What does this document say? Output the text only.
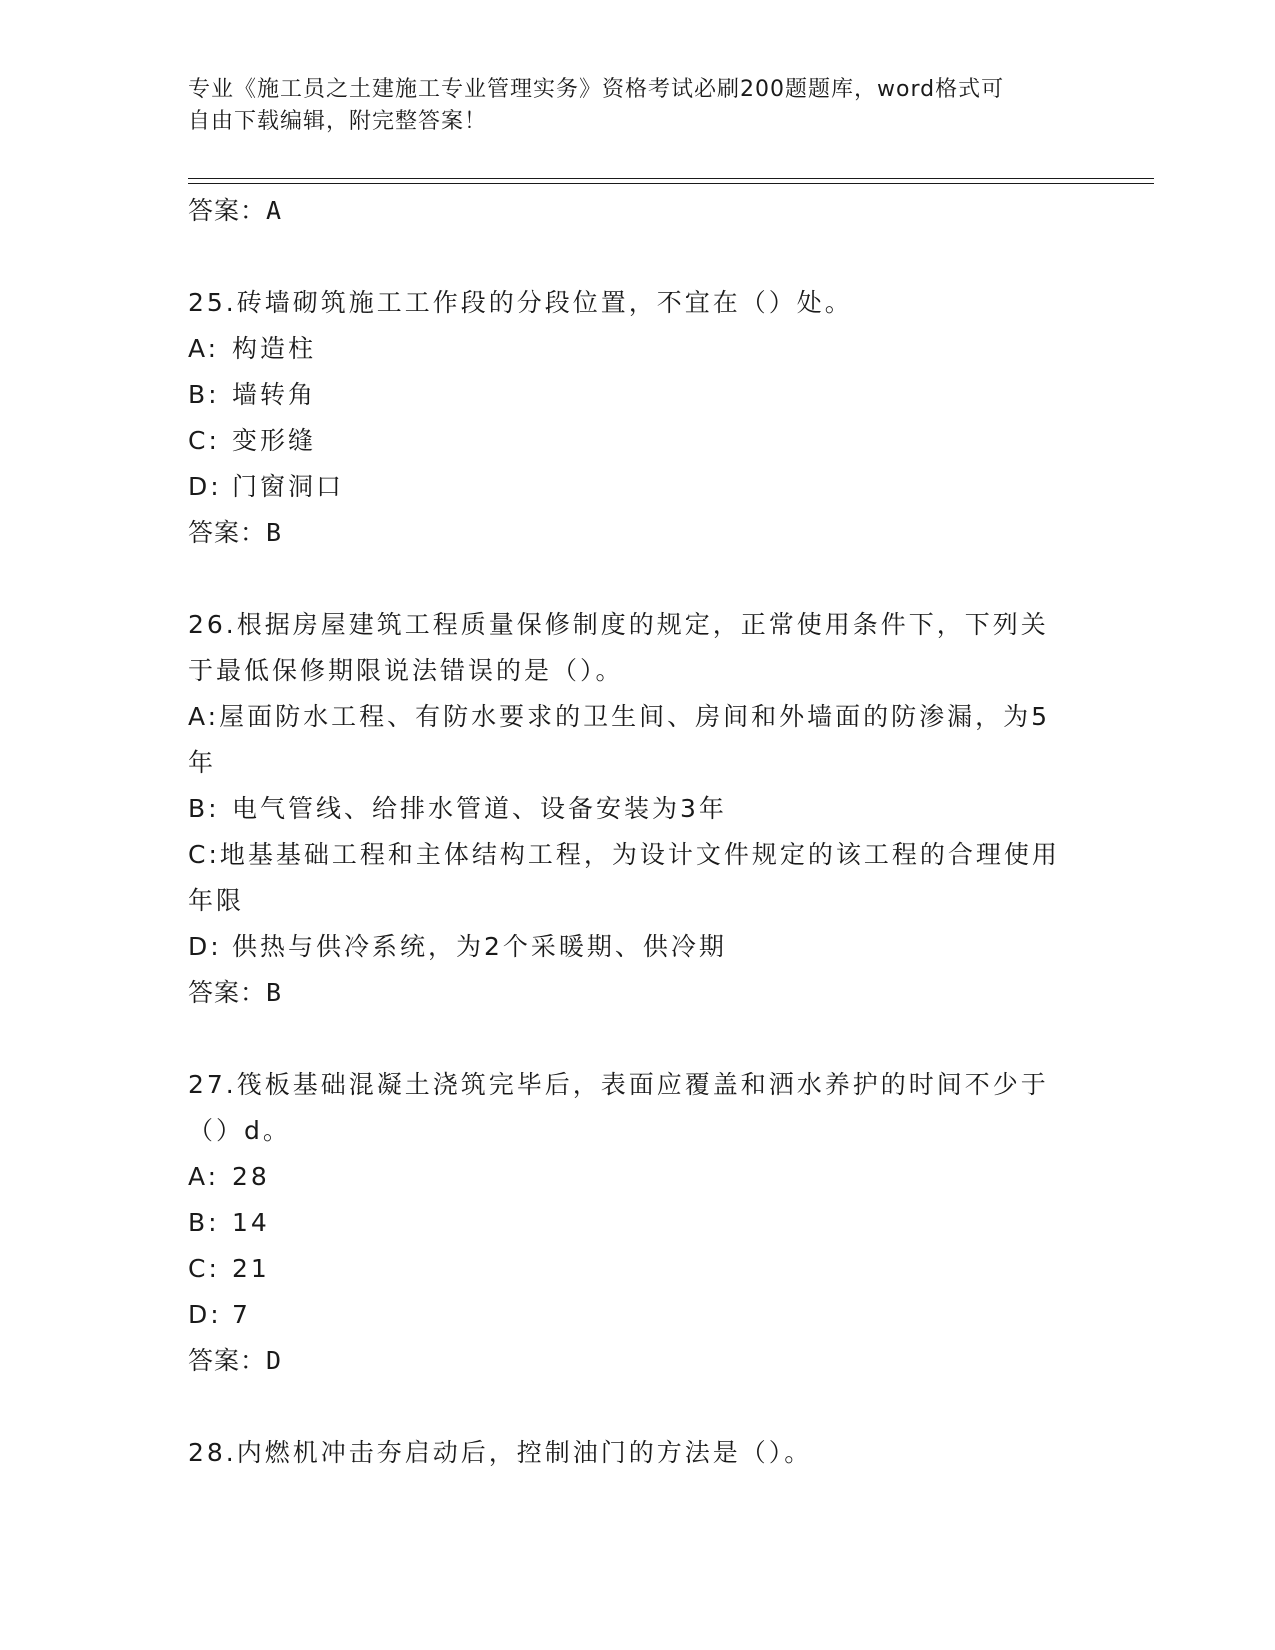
专业《施工员之土建施工专业管理实务》资格考试必刷200题题库，word格式可
自由下载编辑，附完整答案！
答案：A
25.砖墙砌筑施工工作段的分段位置，不宜在（）处。
A: 构造柱
B: 墙转角
C: 变形缝
D: 门窗洞口
答案：B
26.根据房屋建筑工程质量保修制度的规定，正常使用条件下，下列关于最低保修期限说法错误的是（）。
A:屋面防水工程、有防水要求的卫生间、房间和外墙面的防渗漏，为5年
B: 电气管线、给排水管道、设备安装为3年
C:地基基础工程和主体结构工程，为设计文件规定的该工程的合理使用年限
D: 供热与供冷系统，为2个采暖期、供冷期
答案：B
27.筏板基础混凝土浇筑完毕后，表面应覆盖和洒水养护的时间不少于（）d。
A: 28
B: 14
C: 21
D: 7
答案：D
28.内燃机冲击夯启动后，控制油门的方法是（）。
